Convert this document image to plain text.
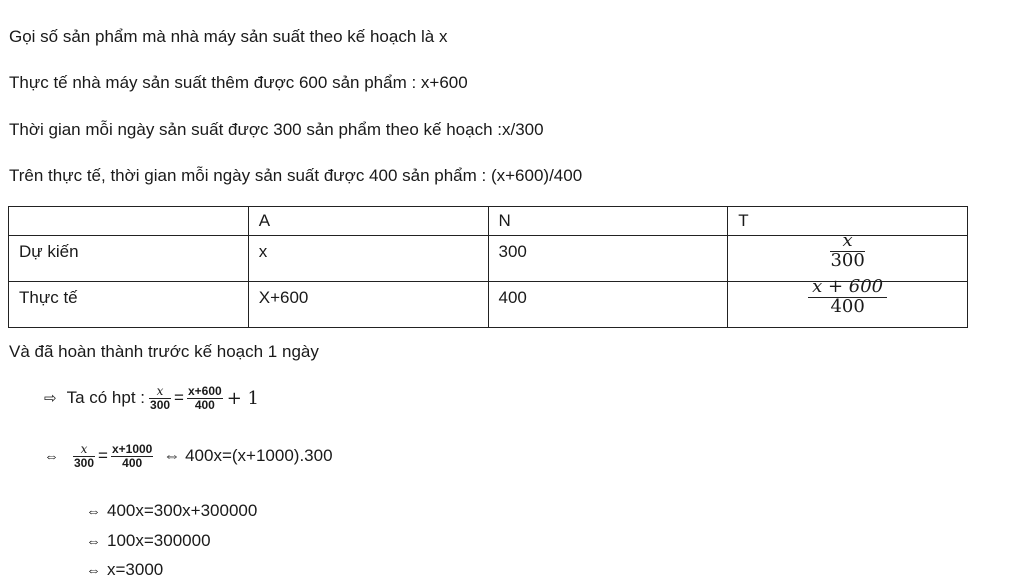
Gọi số sản phẩm mà nhà máy sản suất theo kế hoạch là x
Thực tế nhà máy sản suất thêm được 600 sản phẩm : x+600
Thời gian mỗi ngày sản suất được 300 sản phẩm theo kế hoạch :x/300
Trên thực tế, thời gian mỗi ngày sản suất được 400 sản phẩm : (x+600)/400
	A	N	T
Dự kiến	x	300	$\frac{x}{300}$

Thực tế	X+600	400	$\frac{x + 600}{400}$
Và đã hoàn thành trước kế hoạch 1 ngày
⇨ Ta có hpt : $\frac{x}{300} = \frac{x+600}{400} + 1$
⇔ $\frac{x}{300} = \frac{x+1000}{400}$ ⇔ 400x=(x+1000).300
⇔ 400x=300x+300000
⇔ 100x=300000
⇔ x=3000
